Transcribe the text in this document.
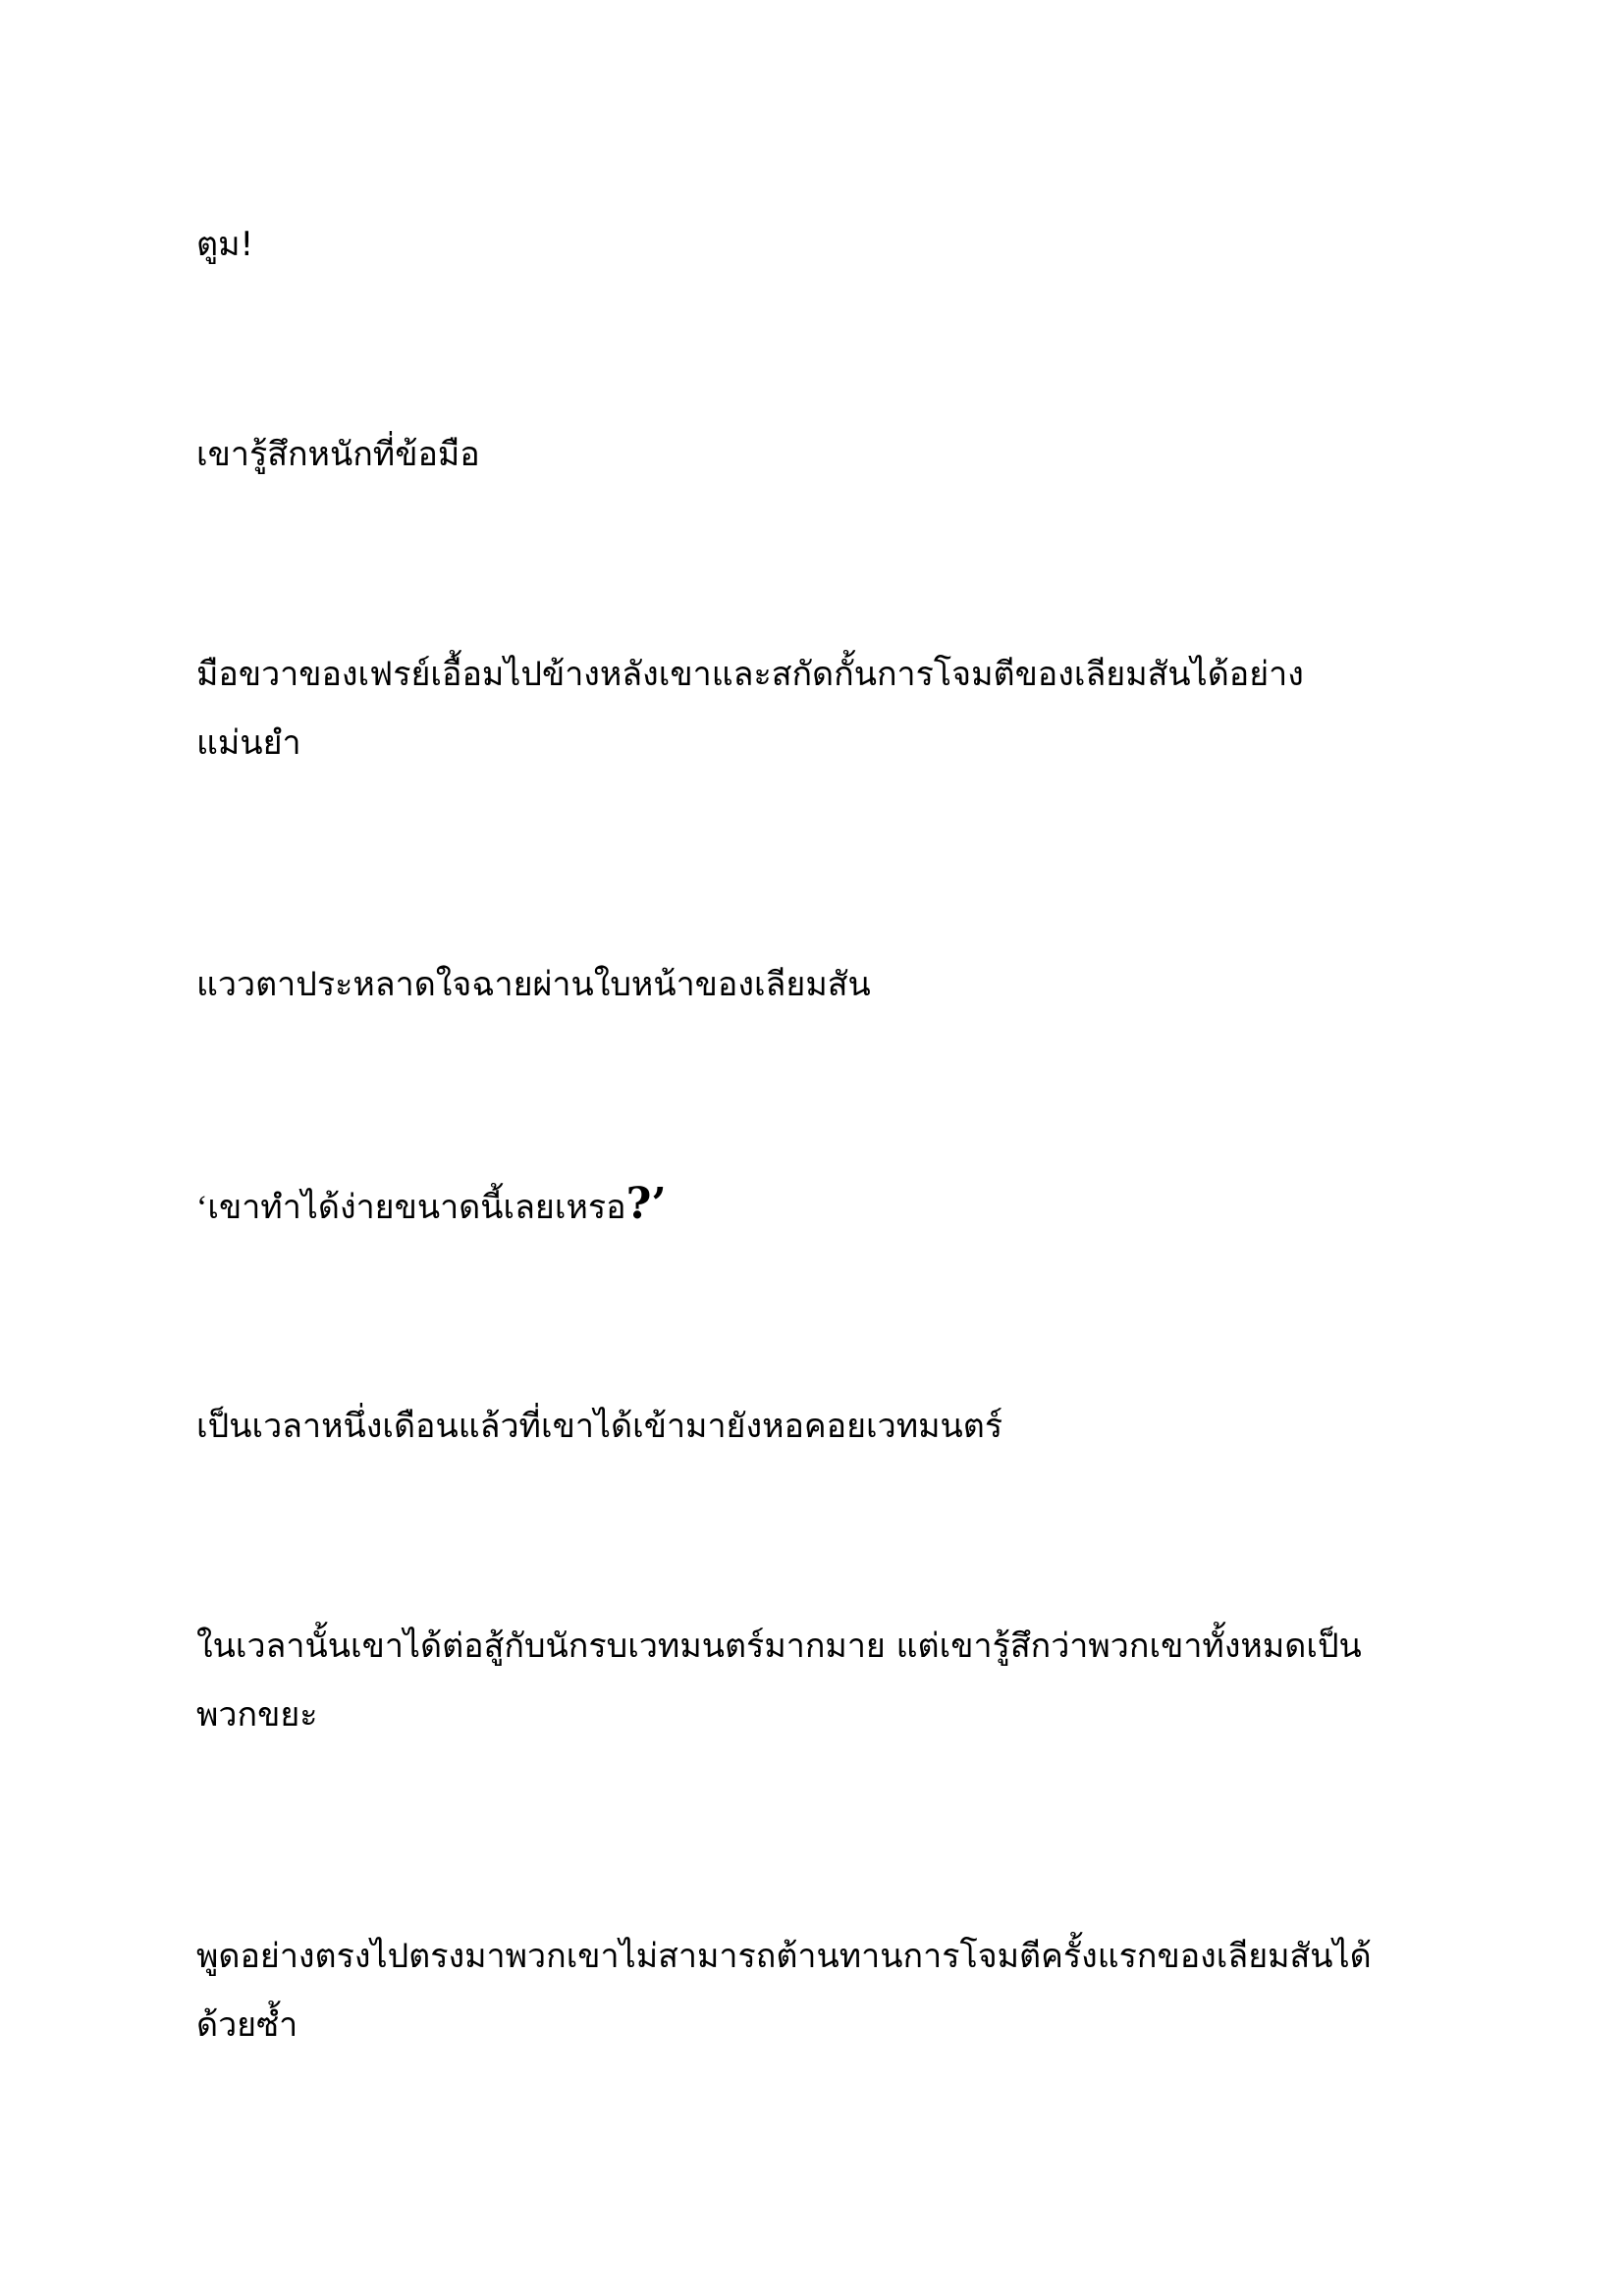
ตูม!

เขารู้สึกหนักที่ข้อมือ

มือขวาของเฟรย์เอื้อมไปข้างหลังเขาและสกัดกั้นการโจมตีของเลียมสันได้อย่าง
แม่นยำ

แววตาประหลาดใจฉายผ่านใบหน้าของเลียมสัน

‘เขาทำได้ง่ายขนาดนี้เลยเหรอ?’

เป็นเวลาหนึ่งเดือนแล้วที่เขาได้เข้ามายังหอคอยเวทมนตร์

ในเวลานั้นเขาได้ต่อสู้กับนักรบเวทมนตร์มากมาย แต่เขารู้สึกว่าพวกเขาทั้งหมดเป็น
พวกขยะ

พูดอย่างตรงไปตรงมาพวกเขาไม่สามารถต้านทานการโจมตีครั้งแรกของเลียมสันได้
ด้วยซ้ำ
